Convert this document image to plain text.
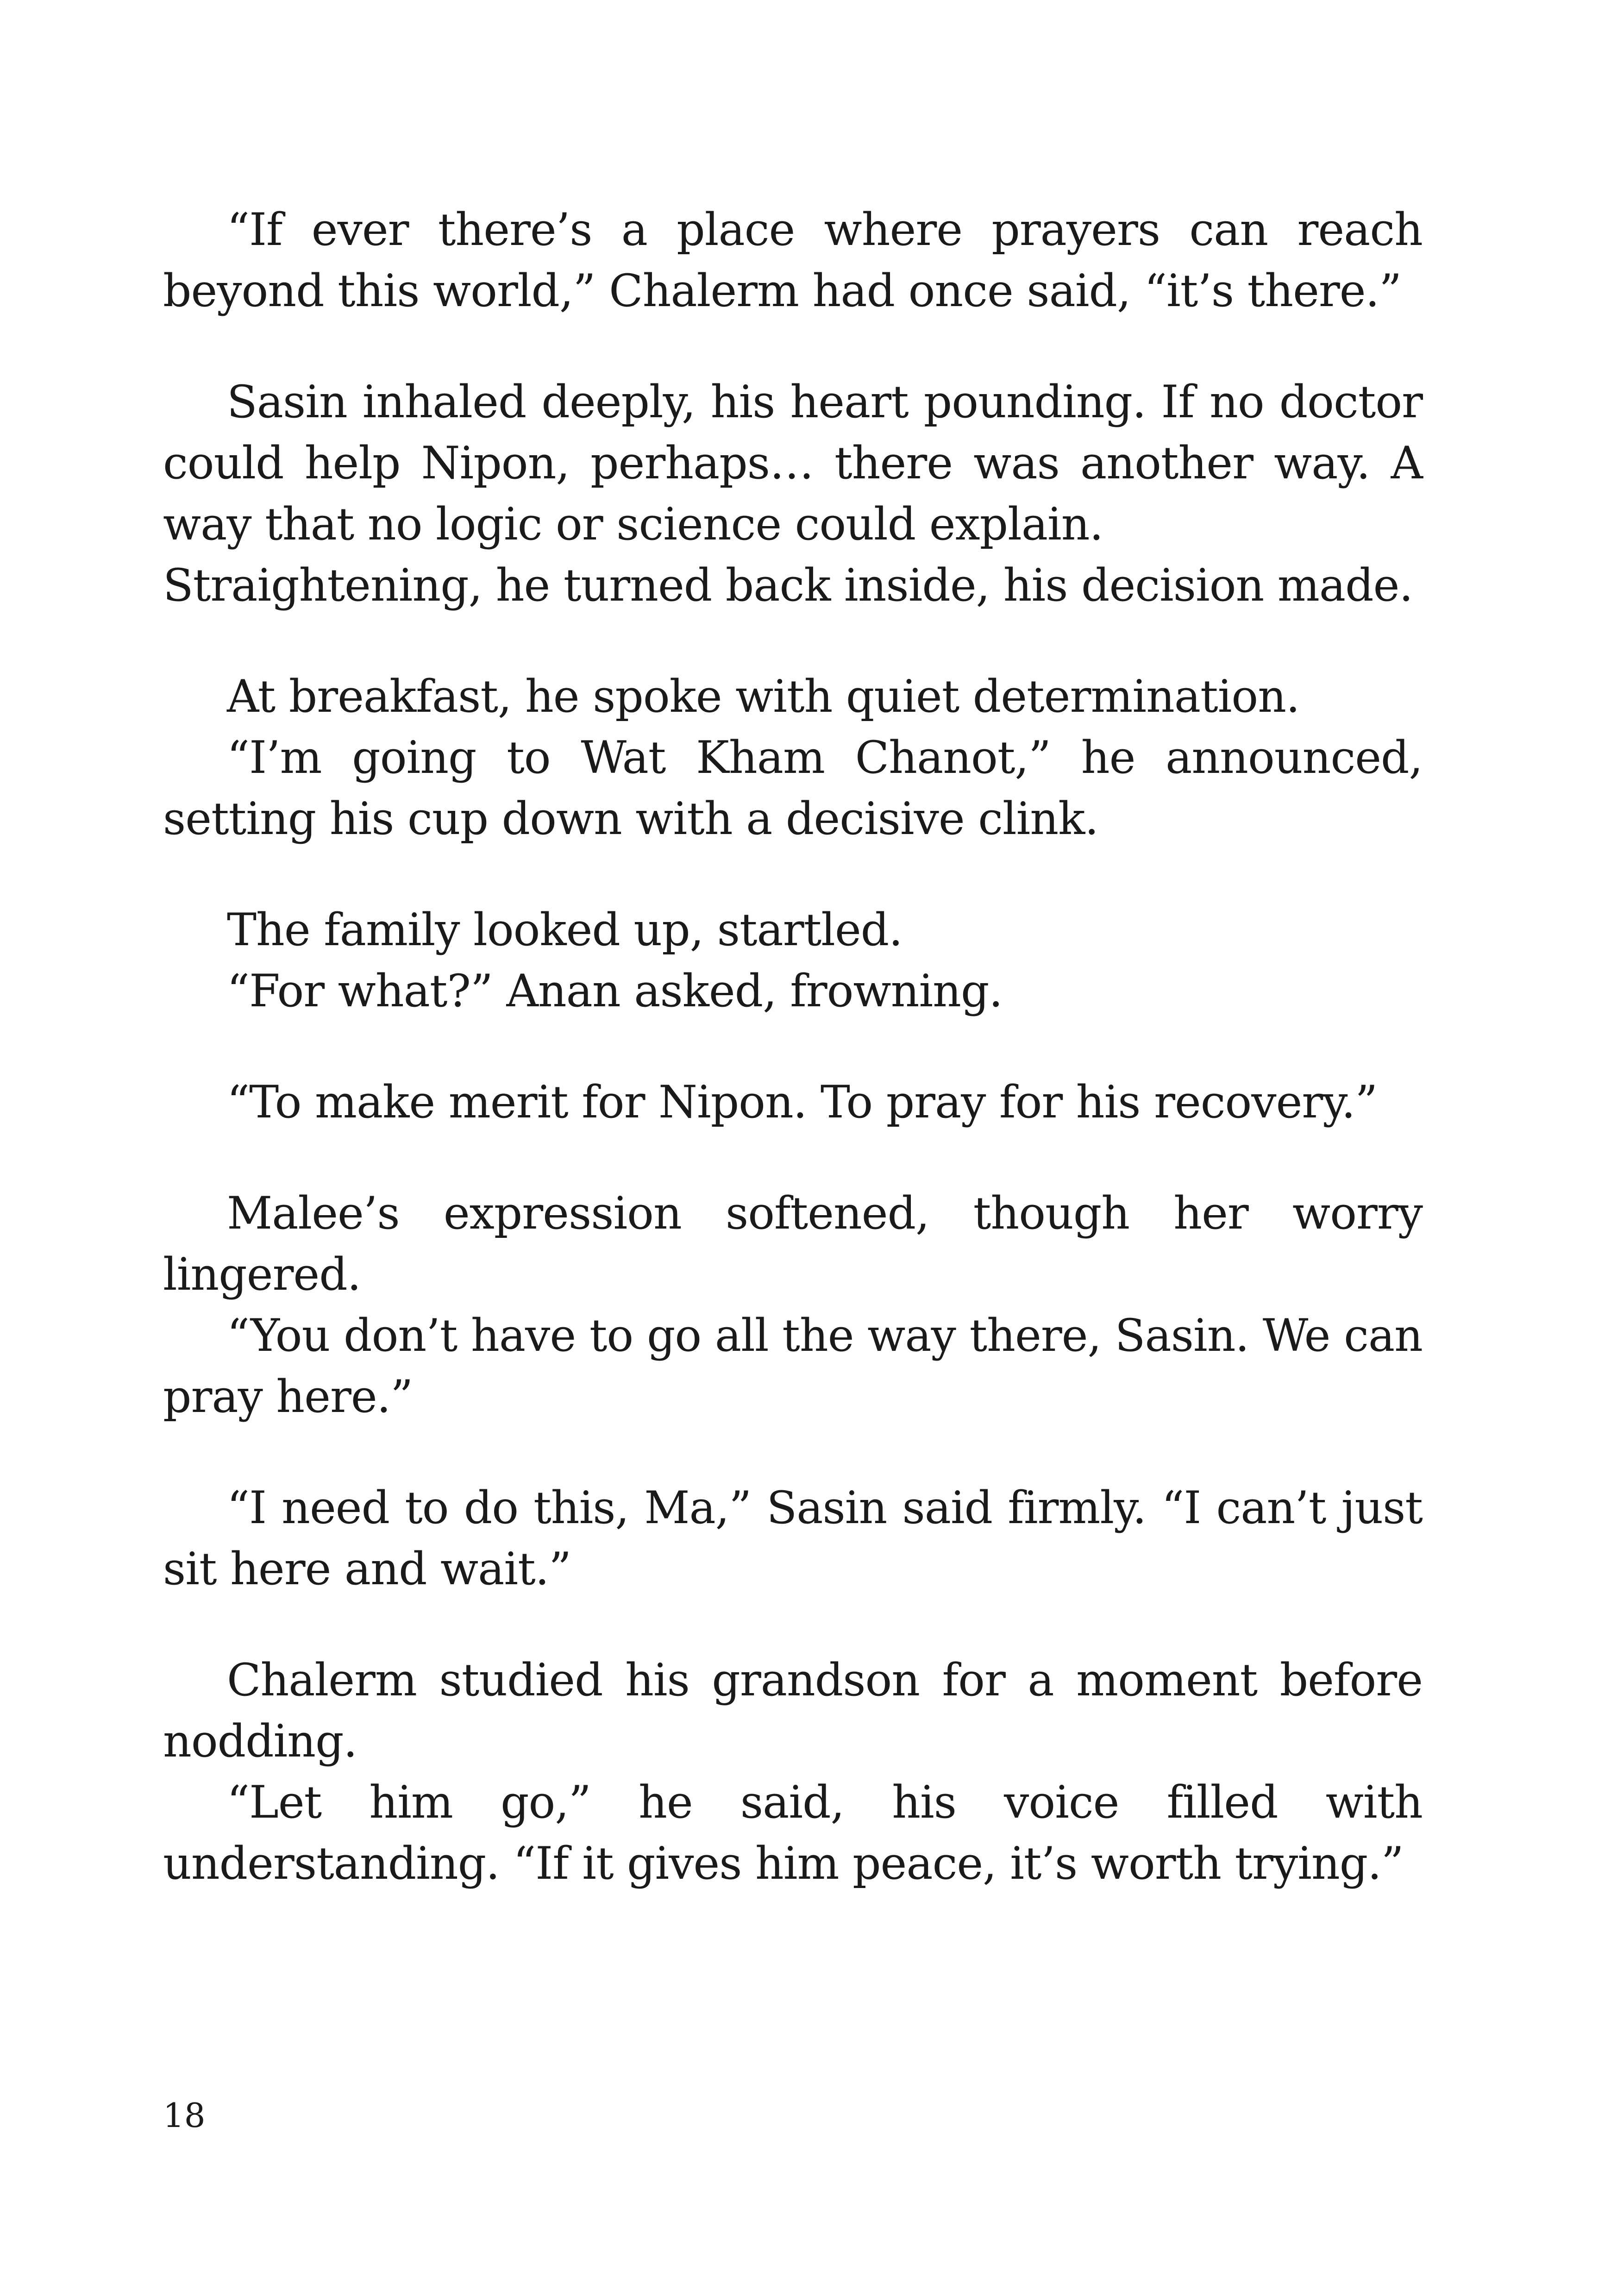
“If ever there’s a place where prayers can reach beyond this world,” Chalerm had once said, “it’s there.”

Sasin inhaled deeply, his heart pounding. If no doctor could help Nipon, perhaps… there was another way. A way that no logic or science could explain.

Straightening, he turned back inside, his decision made.

At breakfast, he spoke with quiet determination.

“I’m going to Wat Kham Chanot,” he announced, setting his cup down with a decisive clink.

The family looked up, startled.

“For what?” Anan asked, frowning.

“To make merit for Nipon. To pray for his recovery.”

Malee’s expression softened, though her worry lingered.

“You don’t have to go all the way there, Sasin. We can pray here.”

“I need to do this, Ma,” Sasin said firmly. “I can’t just sit here and wait.”

Chalerm studied his grandson for a moment before nodding.

“Let him go,” he said, his voice filled with understanding. “If it gives him peace, it’s worth trying.”

18
